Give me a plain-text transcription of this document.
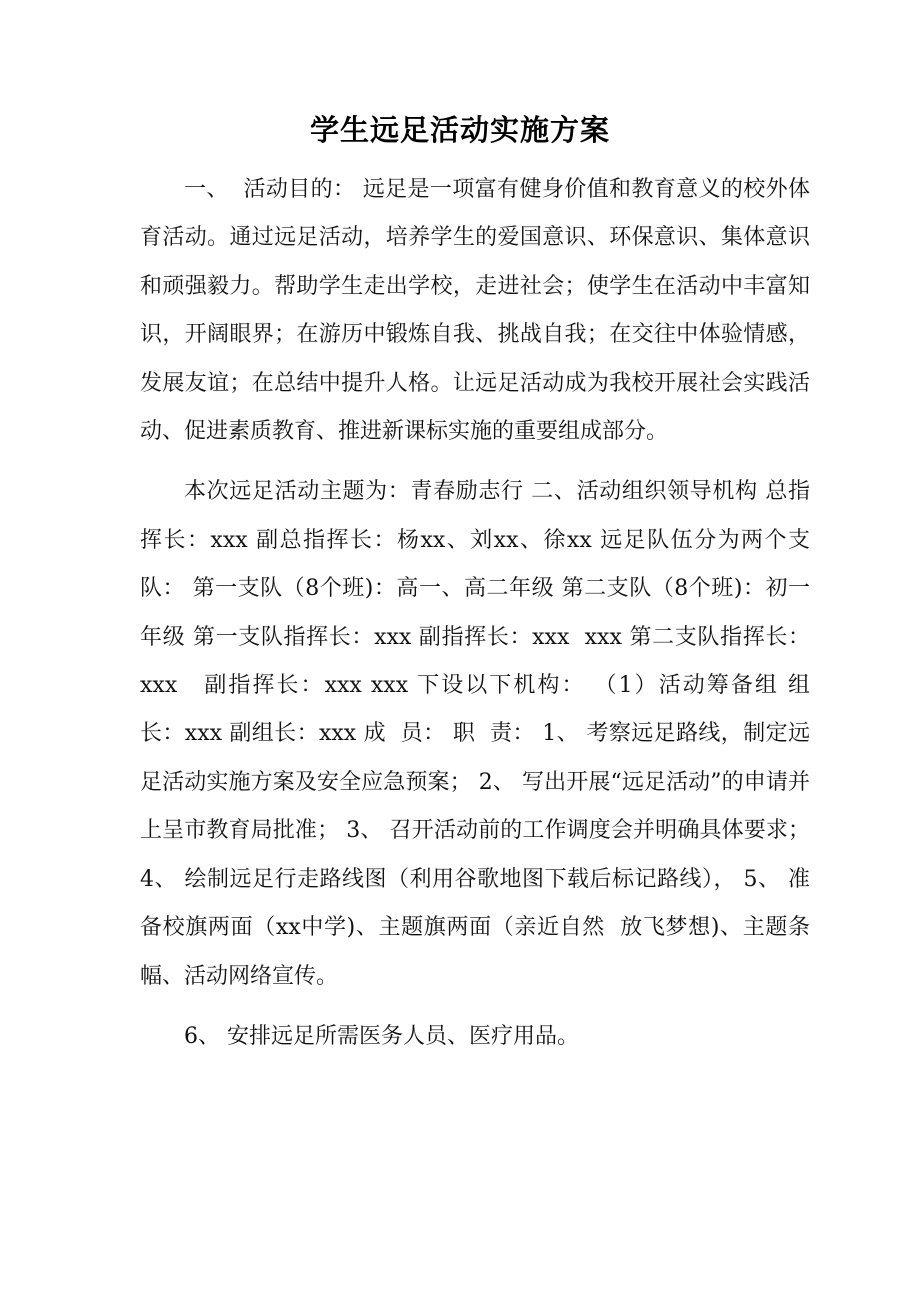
学生远足活动实施方案

一、  活动目的： 远足是一项富有健身价值和教育意义的校外体育活动。通过远足活动，培养学生的爱国意识、环保意识、集体意识和顽强毅力。帮助学生走出学校，走进社会；使学生在活动中丰富知识，开阔眼界；在游历中锻炼自我、挑战自我；在交往中体验情感，发展友谊；在总结中提升人格。让远足活动成为我校开展社会实践活动、促进素质教育、推进新课标实施的重要组成部分。

本次远足活动主题为：青春励志行 二、活动组织领导机构 总指挥长：xxx 副总指挥长：杨xx、刘xx、徐xx 远足队伍分为两个支队： 第一支队（8个班)：高一、高二年级 第二支队（8个班)：初一年级 第一支队指挥长：xxx 副指挥长：xxx  xxx 第二支队指挥长：xxx   副指挥长：xxx xxx 下设以下机构： （1）活动筹备组 组  长：xxx 副组长：xxx 成  员： 职  责： 1、 考察远足路线，制定远足活动实施方案及安全应急预案； 2、 写出开展“远足活动”的申请并上呈市教育局批准； 3、 召开活动前的工作调度会并明确具体要求； 4、 绘制远足行走路线图（利用谷歌地图下载后标记路线）， 5、 准备校旗两面（xx中学)、主题旗两面（亲近自然  放飞梦想)、主题条幅、活动网络宣传。

6、 安排远足所需医务人员、医疗用品。
